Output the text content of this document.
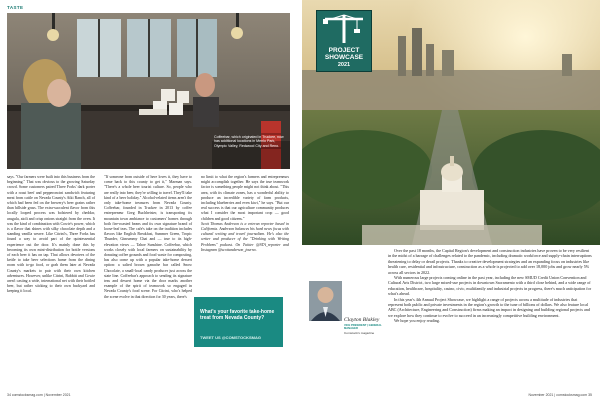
TASTE
Coffeebar, which originated in Truckee, now has additional locations in Menlo Park, Olympic Valley, Redwood City and Reno.

says. "Our farmers were built into this business from the beginning." That was obvious to the growing Saturday crowd. Some customers paired Three Forks' dark porter with a roast beef and pepperoncini sandwich featuring meat from cattle on Nevada County's Aiki Ranch, all of which had been fed on the brewery's beer grains rather than hillside grass. The extra-succulent flavor from this locally looped process was bolstered by cheddar, arugula, aioli and crisp onions straight from the oven. It was the kind of combination with Cowie's power, which is a flavor that shines with silky chocolate depth and a standing vanilla weave. Like Citrini's, Three Forks has found a way to avoid part of the quintessential experience out the door. It's mainly done this by becoming its own mini-distribution for bottle versions of each beer it has on tap. That allows devotees of the kettle to take beer selections home from the dining room with to-go food, or grab them later at Nevada County's markets to pair with their own kitchen adventures. However, unlike Citrini, Babbitt and Cowie aren't casting a wide, international net with their bottled beer, but rather sticking to their own backyard and keeping it local.

"If someone from outside of here loves it, they have to come back to this county to get it," Marman says. "There's a whole beer tourist culture. So, people who are really into beer, they're willing to travel. They'll take kind of a beer holiday." Alcohol-related items aren't the only take-home treasures from Nevada County. Coffeebar, founded in Truckee in 2013 by coffee entrepreneur Greg Buchheister, is transporting its mountain town ambiance to customers' homes through both fire-roasted beans and its own signature brand of loose-leaf teas. The cafe's take on the tradition includes flavors like English Breakfast, Summer Green, Tropic Thunder, Ginrummy Chai and — true to its high-elevation views — Tahoe Sunshine. Coffeebar, which works closely with local farmers on sustainability by donating coffee grounds and food waste for composting, has also come up with a popular take-home dessert option: a salted brown ganache bar called Snow Chocolate, a small-local candy producer just across the state line. Coffeebar's approach to sending its signature teas and dessert home via the door marks another example of the spirit of teamwork so engaged in Nevada County's food scene. For Citrini, who's helped the scene evolve in that direction for 30 years, there's

no limit to what the region's farmers and entrepreneurs might accomplish together. He says the true teamwork factor is something people might not think about. "This area, with its climate zones, has a wonderful ability to produce an incredible variety of farm products, including blueberries and even kiwi," he says. "But our real success is that our agriculture community produces what I consider the most important crop — good children and good citizens."

Scott Thomas Anderson is a veteran reporter based in California. Anderson balances his hard news focus with cultural writing and travel journalism. He's also the writer and producer of the "Drinking with Writing Problems" podcast. On Twitter @STA_reporter and Instagram @scottanderson_journo.

What's your favorite take-home treat from Nevada County?
TWEET US @COMSTOCKSMAG
34 comstocksmag.com | November 2021
PROJECT SHOWCASE
2021
Clayton Blakley
VICE PRESIDENT | GENERAL MANAGER
Comstock's magazine

Over the past 18 months, the Capital Region's development and construction industries have proven to be very resilient in the midst of a barrage of challenges related to the pandemic, including dramatic workforce and supply-chain interruptions threatening to delay or derail projects. Thanks to creative development strategies and an expanding focus on industries like health care, residential and infrastructure, construction as a whole is projected to add over 18,000 jobs and grow nearly 5% across all sectors in 2022.

With numerous large projects coming online in the past year, including the new SMUD Credit Union Convention and Cultural Arts District, two large mixed-use projects in downtown Sacramento with a third close behind, and a wide range of education, healthcare, hospitality, casino, civic, multifamily and industrial projects in progress, there's much anticipation for what's ahead.

In this year's 4th Annual Project Showcase, we highlight a range of projects across a multitude of industries that represent both public and private investments in the region's growth to the tune of billions of dollars. We also feature local ABC (Architecture, Engineering and Construction) firms making an impact in designing and building regional projects and we explore how they continue to evolve to succeed in an increasingly competitive building environment.

We hope you enjoy reading.

November 2021 | comstocksmag.com 35
